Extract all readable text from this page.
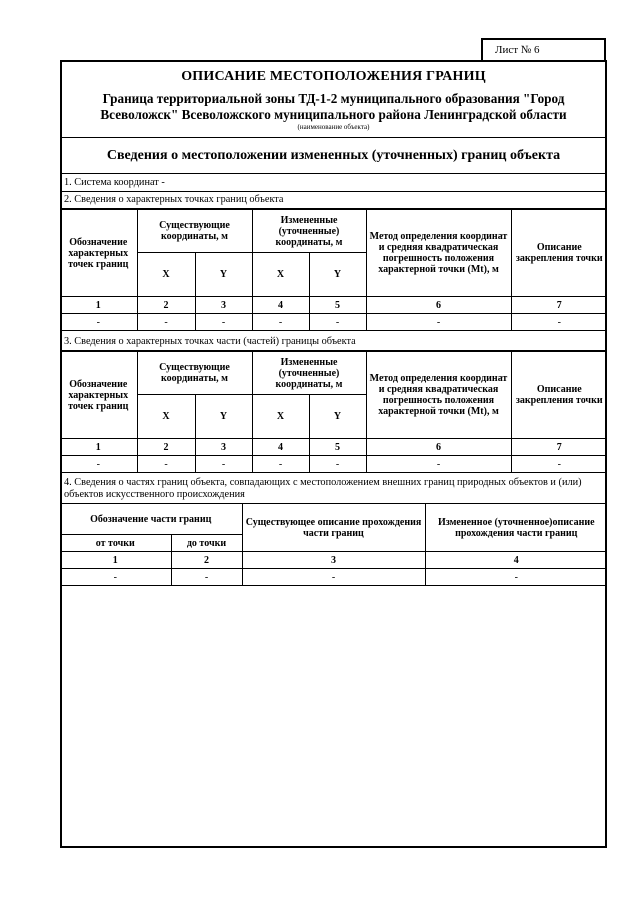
Лист № 6
ОПИСАНИЕ МЕСТОПОЛОЖЕНИЯ ГРАНИЦ
Граница территориальной зоны ТД-1-2 муниципального образования "Город Всеволожск" Всеволожского муниципального района Ленинградской области
(наименование объекта)
Сведения о местоположении измененных (уточненных) границ объекта
1. Система координат -
2. Сведения о характерных точках границ объекта
Обозначение характерных точек границ	Существующие координаты, м		Измененные (уточненные) координаты, м		Метод определения координат и средняя квадратическая погрешность положения характерной точки (Mt), м	Описание закрепления точки
	X	Y	X	Y		
1	2	3	4	5	6	7
-	-	-	-	-	-	-
3. Сведения о характерных точках части (частей) границы объекта
Обозначение характерных точек границ	Существующие координаты, м		Измененные (уточненные) координаты, м		Метод определения координат и средняя квадратическая погрешность положения характерной точки (Mt), м	Описание закрепления точки
	X	Y	X	Y		
1	2	3	4	5	6	7
-	-	-	-	-	-	-
4. Сведения о частях границ объекта, совпадающих с местоположением внешних границ природных объектов и (или) объектов искусственного происхождения
Обозначение части границ		Существующее описание прохождения части границ	Измененное (уточненное)описание прохождения части границ
от точки	до точки		
1	2	3	4
-	-	-	-
